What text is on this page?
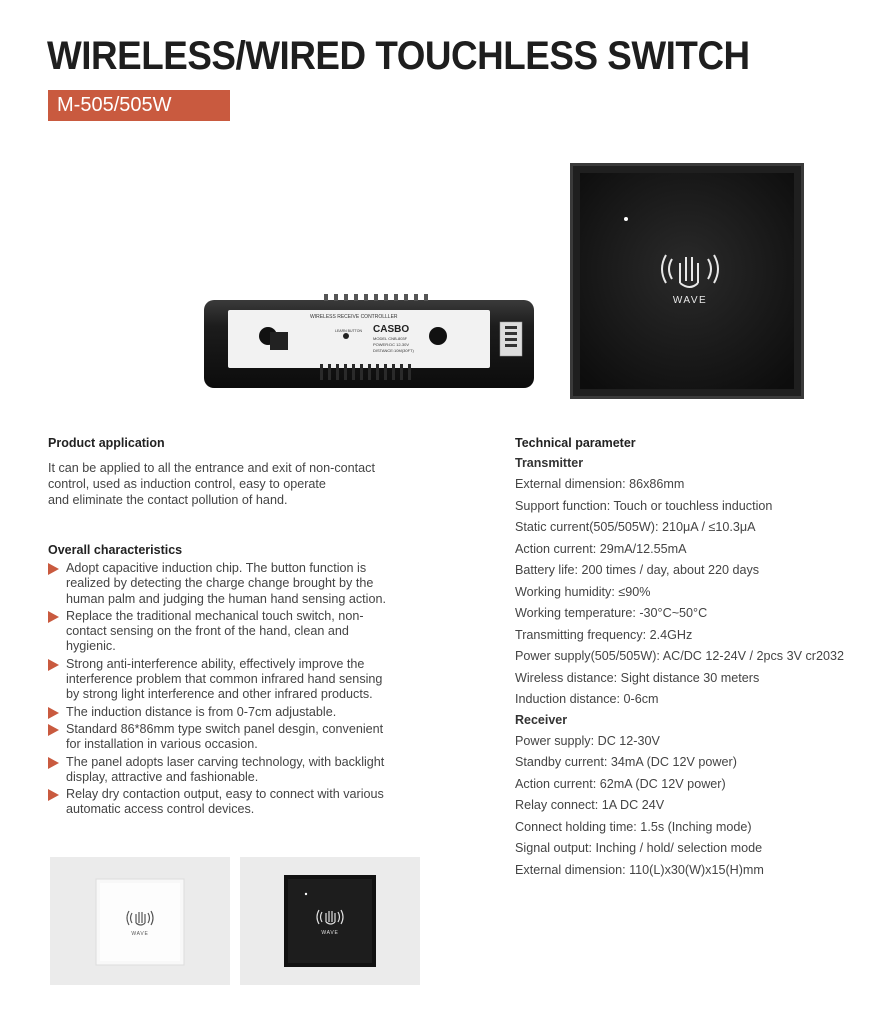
WIRELESS/WIRED TOUCHLESS SWITCH
M-505/505W
WIRELESS RECEIVE CONTROLLLER
CASBO
MODEL CNB-803F
POWER:DC 12-30V
DISTANCE:10M(30FT)
LEARN BUTTON
WAVE
Product application
It can be applied to all the entrance and exit of non-contact
control, used as induction control, easy to operate
and eliminate the contact pollution of hand.
Overall characteristics
Adopt capacitive induction chip. The button function is
realized by detecting the charge change brought by the
human palm and judging the human hand sensing action.
Replace the traditional mechanical touch switch, non-
contact sensing on the front of the hand, clean and
hygienic.
Strong anti-interference ability, effectively improve the
interference problem that common infrared hand sensing
by strong light interference and other infrared products.
The induction distance is from 0-7cm adjustable.
Standard 86*86mm type switch panel desgin, convenient
for installation in various occasion.
The panel adopts laser carving technology, with backlight
display, attractive and fashionable.
Relay dry contaction output, easy to connect with various
automatic access control devices.
Technical parameter
Transmitter
External dimension: 86x86mm
Support function: Touch or touchless induction
Static current(505/505W): 210μA / ≤10.3μA
Action current: 29mA/12.55mA
Battery life: 200 times / day, about 220 days
Working humidity: ≤90%
Working temperature: -30°C~50°C
Transmitting frequency: 2.4GHz
Power supply(505/505W): AC/DC 12-24V / 2pcs 3V cr2032
Wireless distance: Sight distance 30 meters
Induction distance: 0-6cm
Receiver
Power supply: DC 12-30V
Standby current: 34mA (DC 12V power)
Action current: 62mA (DC 12V power)
Relay connect: 1A DC 24V
Connect holding time: 1.5s (Inching mode)
Signal output: Inching / hold/ selection mode
External dimension: 110(L)x30(W)x15(H)mm
WAVE	WAVE
